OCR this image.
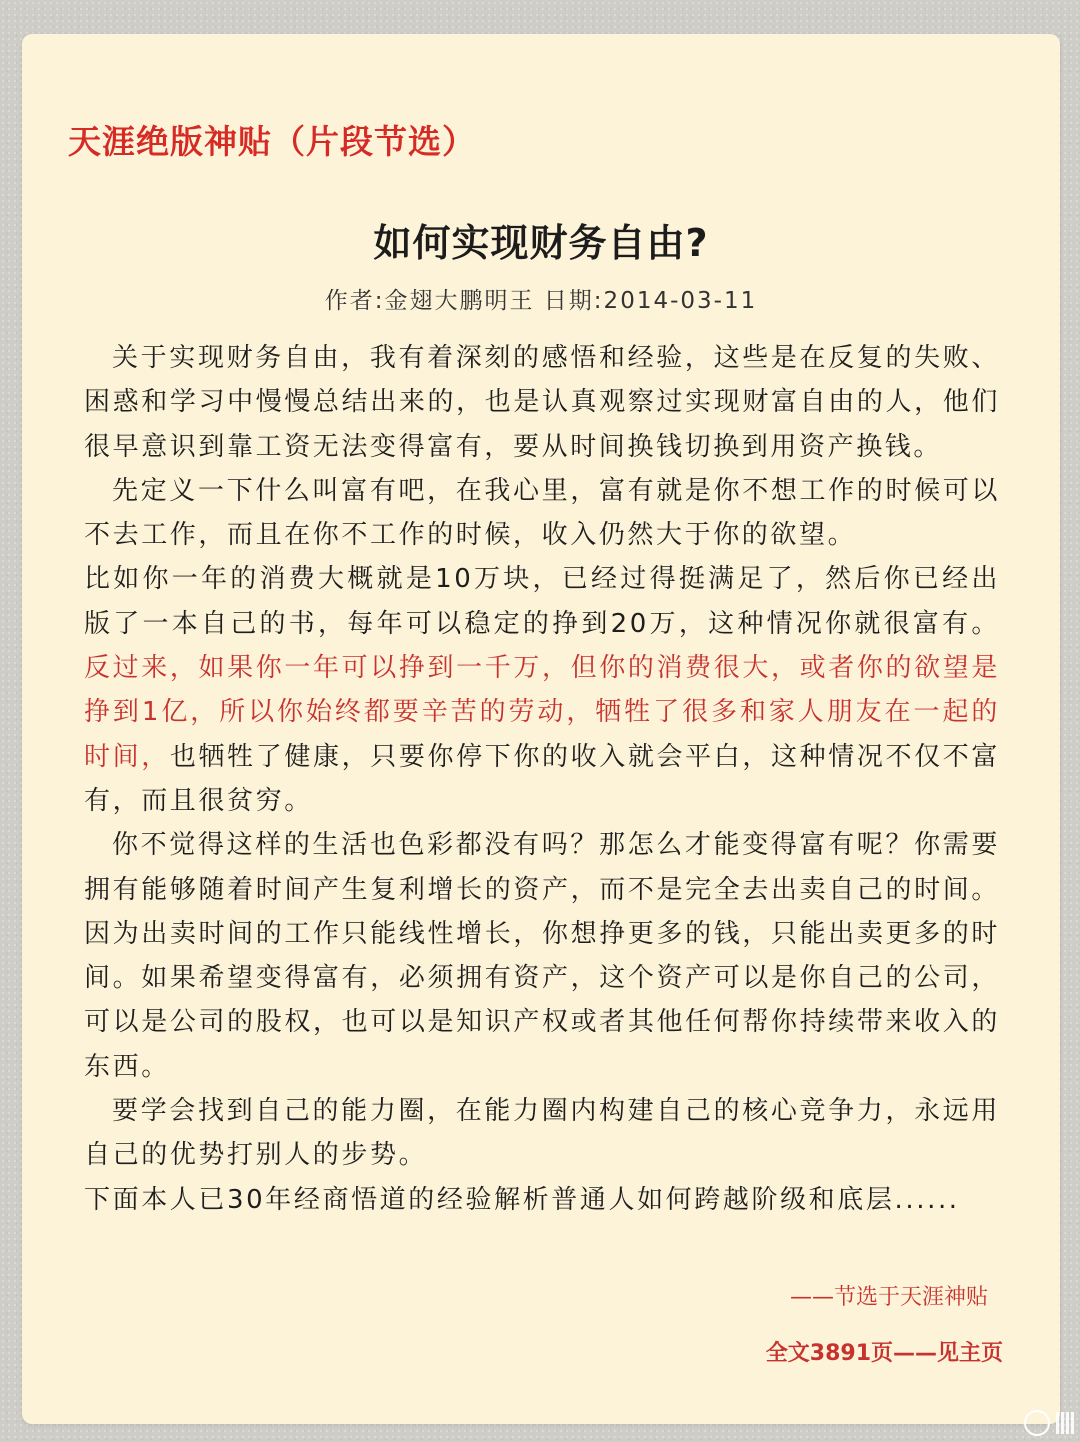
天涯绝版神贴（片段节选）
如何实现财务自由?
作者:金翅大鹏明王 日期:2014-03-11

关于实现财务自由，我有着深刻的感悟和经验，这些是在反复的失败、困惑和学习中慢慢总结出来的，也是认真观察过实现财富自由的人，他们很早意识到靠工资无法变得富有，要从时间换钱切换到用资产换钱。

先定义一下什么叫富有吧，在我心里，富有就是你不想工作的时候可以不去工作，而且在你不工作的时候，收入仍然大于你的欲望。

比如你一年的消费大概就是10万块，已经过得挺满足了，然后你已经出版了一本自己的书，每年可以稳定的挣到20万，这种情况你就很富有。反过来，如果你一年可以挣到一千万，但你的消费很大，或者你的欲望是挣到1亿，所以你始终都要辛苦的劳动，牺牲了很多和家人朋友在一起的时间，也牺牲了健康，只要你停下你的收入就会平白，这种情况不仅不富有，而且很贫穷。

你不觉得这样的生活也色彩都没有吗？那怎么才能变得富有呢？你需要拥有能够随着时间产生复利增长的资产，而不是完全去出卖自己的时间。因为出卖时间的工作只能线性增长，你想挣更多的钱，只能出卖更多的时间。如果希望变得富有，必须拥有资产，这个资产可以是你自己的公司，可以是公司的股权，也可以是知识产权或者其他任何帮你持续带来收入的东西。

要学会找到自己的能力圈，在能力圈内构建自己的核心竞争力，永远用自己的优势打别人的步势。

下面本人已30年经商悟道的经验解析普通人如何跨越阶级和底层......

——节选于天涯神贴
全文3891页——见主页
